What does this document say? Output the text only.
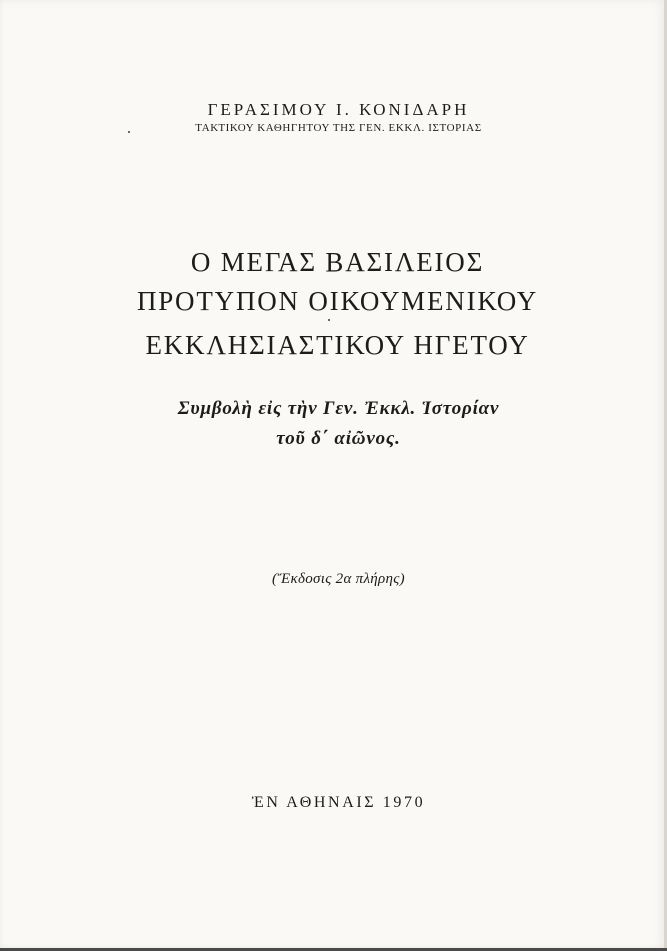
ΓΕΡΑΣΙΜΟΥ Ι. ΚΟΝΙΔΑΡΗ
ΤΑΚΤΙΚΟΥ ΚΑΘΗΓΗΤΟΥ ΤΗΣ ΓΕΝ. ΕΚΚΛ. ΙΣΤΟΡΙΑΣ
Ο ΜΕΓΑΣ ΒΑΣΙΛΕΙΟΣ
ΠΡΟΤΥΠΟΝ ΟΙΚΟΥΜΕΝΙΚΟΥ
ΕΚΚΛΗΣΙΑΣΤΙΚΟΥ ΗΓΕΤΟΥ
Συμβολὴ εἰς τὴν Γεν. Ἐκκλ. Ἱστορίαν
τοῦ δ΄ αἰῶνος.
(Ἔκδοσις 2α πλήρης)
ἘΝ ΑΘΗΝΑΙΣ 1970
